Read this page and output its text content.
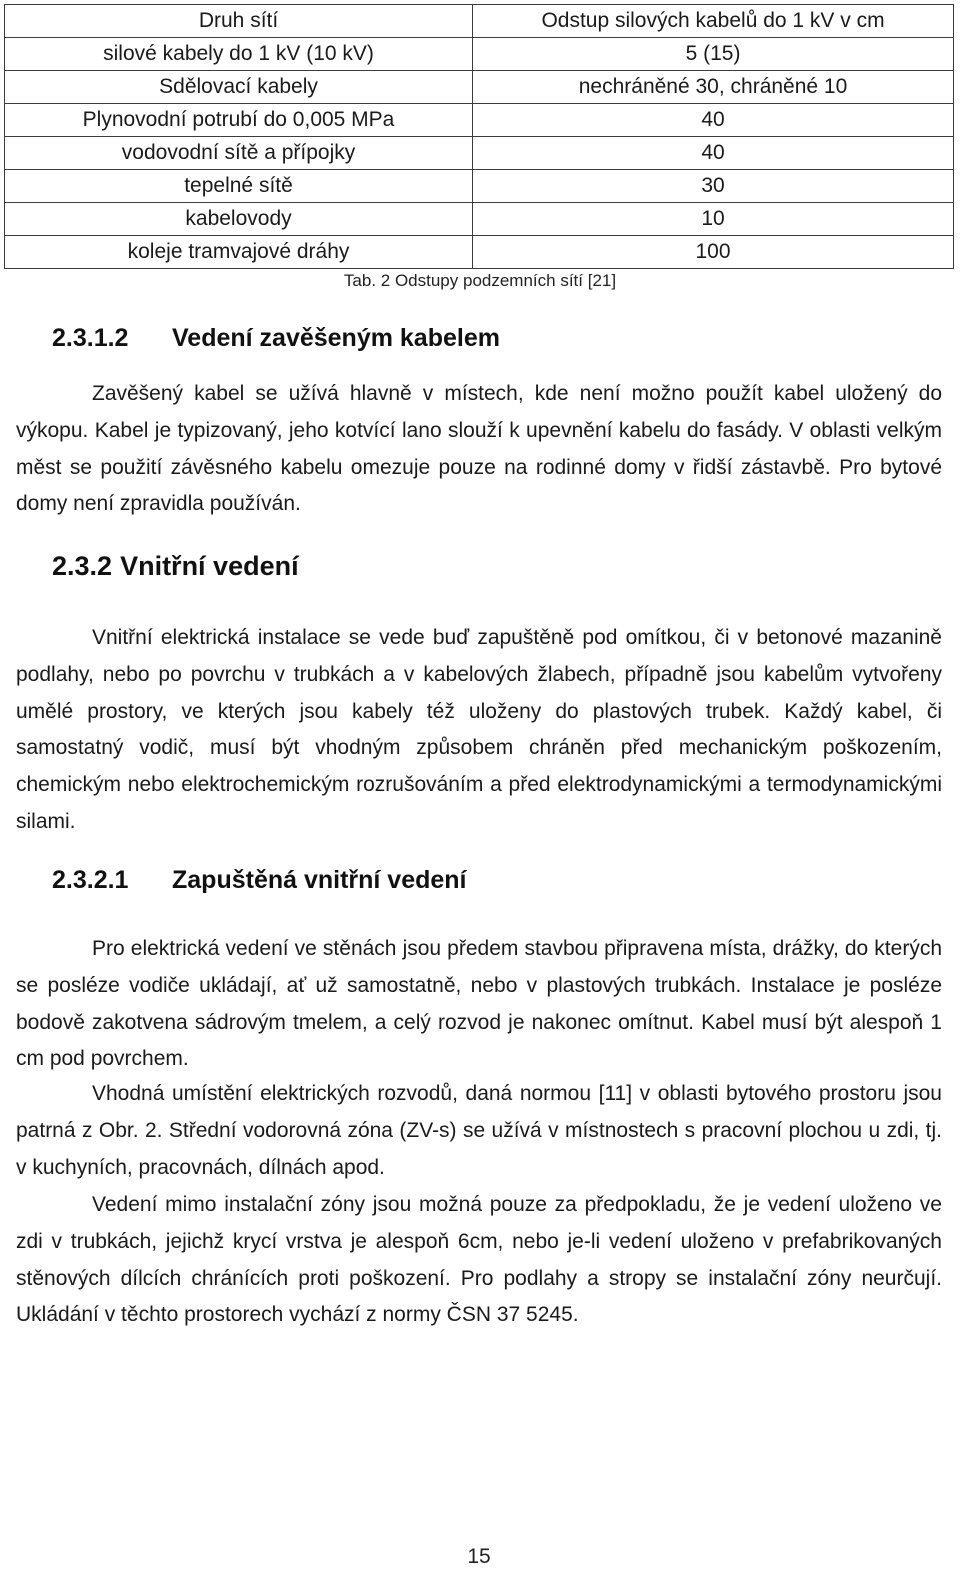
Druh sítí	Odstup silových kabelů do 1 kV v cm
silové kabely do 1 kV (10 kV)	5 (15)
Sdělovací kabely	nechráněné 30, chráněné 10
Plynovodní potrubí do 0,005 MPa	40
vodovodní sítě a přípojky	40
tepelné sítě	30
kabelovody	10
koleje tramvajové dráhy	100
Tab. 2 Odstupy podzemních sítí [21]
2.3.1.2 Vedení zavěšeným kabelem

Zavěšený kabel se užívá hlavně v místech, kde není možno použít kabel uložený do výkopu. Kabel je typizovaný, jeho kotvící lano slouží k upevnění kabelu do fasády. V oblasti velkým měst se použití závěsného kabelu omezuje pouze na rodinné domy v řidší zástavbě. Pro bytové domy není zpravidla používán.

2.3.2 Vnitřní vedení

Vnitřní elektrická instalace se vede buď zapuštěně pod omítkou, či v betonové mazanině podlahy, nebo po povrchu v trubkách a v kabelových žlabech, případně jsou kabelům vytvořeny umělé prostory, ve kterých jsou kabely též uloženy do plastových trubek. Každý kabel, či samostatný vodič, musí být vhodným způsobem chráněn před mechanickým poškozením, chemickým nebo elektrochemickým rozrušováním a před elektrodynamickými a termodynamickými silami.

2.3.2.1 Zapuštěná vnitřní vedení

Pro elektrická vedení ve stěnách jsou předem stavbou připravena místa, drážky, do kterých se posléze vodiče ukládají, ať už samostatně, nebo v plastových trubkách. Instalace je posléze bodově zakotvena sádrovým tmelem, a celý rozvod je nakonec omítnut. Kabel musí být alespoň 1 cm pod povrchem.

Vhodná umístění elektrických rozvodů, daná normou [11] v oblasti bytového prostoru jsou patrná z Obr. 2. Střední vodorovná zóna (ZV-s) se užívá v místnostech s pracovní plochou u zdi, tj. v kuchyních, pracovnách, dílnách apod.

Vedení mimo instalační zóny jsou možná pouze za předpokladu, že je vedení uloženo ve zdi v trubkách, jejichž krycí vrstva je alespoň 6cm, nebo je-li vedení uloženo v prefabrikovaných stěnových dílcích chránících proti poškození. Pro podlahy a stropy se instalační zóny neurčují. Ukládání v těchto prostorech vychází z normy ČSN 37 5245.

15
